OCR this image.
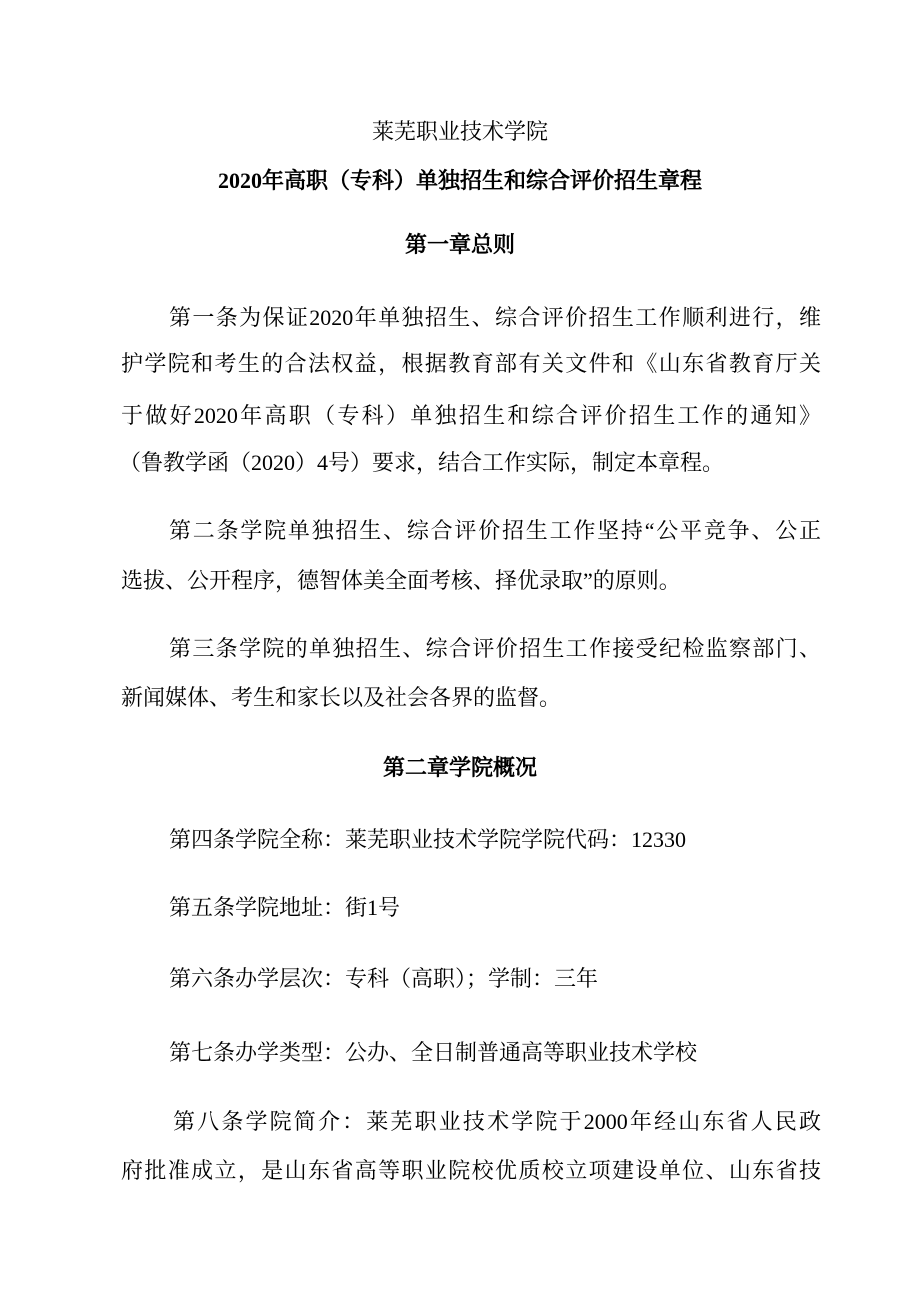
莱芜职业技术学院
2020年高职（专科）单独招生和综合评价招生章程
第一章总则
第一条为保证2020年单独招生、综合评价招生工作顺利进行，维
护学院和考生的合法权益，根据教育部有关文件和《山东省教育厅关
于做好2020年高职（专科）单独招生和综合评价招生工作的通知》
（鲁教学函（2020）4号）要求，结合工作实际，制定本章程。
第二条学院单独招生、综合评价招生工作坚持“公平竞争、公正
选拔、公开程序，德智体美全面考核、择优录取”的原则。
第三条学院的单独招生、综合评价招生工作接受纪检监察部门、
新闻媒体、考生和家长以及社会各界的监督。
第二章学院概况
第四条学院全称：莱芜职业技术学院学院代码：12330
第五条学院地址：街1号
第六条办学层次：专科（高职）；学制：三年
第七条办学类型：公办、全日制普通高等职业技术学校
第八条学院简介：莱芜职业技术学院于2000年经山东省人民政
府批准成立，是山东省高等职业院校优质校立项建设单位、山东省技
